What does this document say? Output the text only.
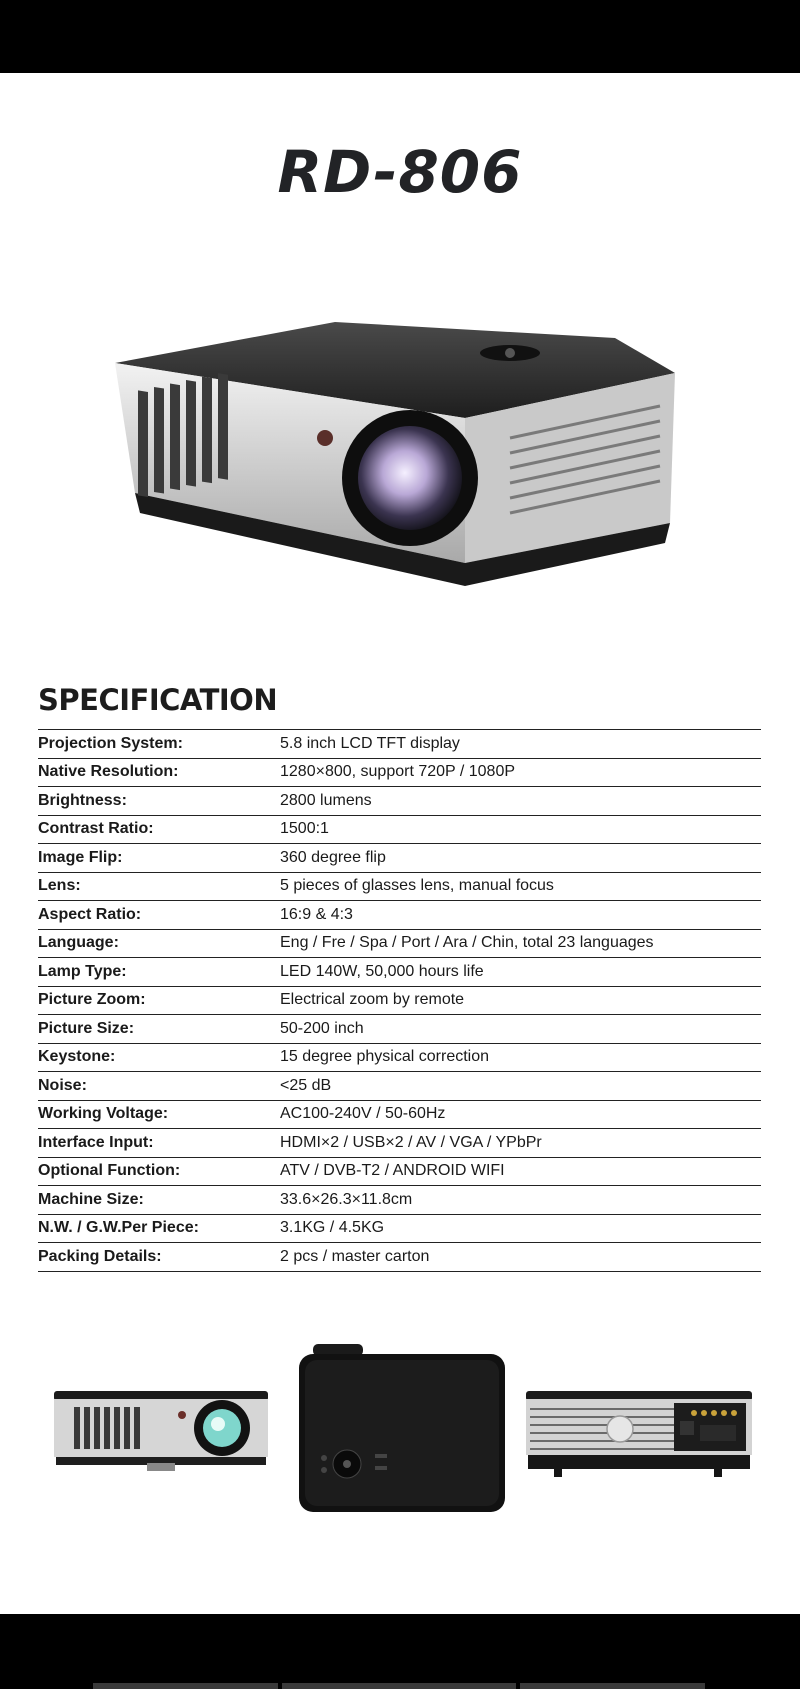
RD-806
SPECIFICATION
Projection System:	5.8 inch LCD TFT display
Native Resolution:	1280×800, support 720P / 1080P
Brightness:	2800 lumens
Contrast Ratio:	1500:1
Image Flip:	360 degree flip
Lens:	5 pieces of glasses lens, manual focus
Aspect Ratio:	16:9 & 4:3
Language:	Eng / Fre / Spa / Port / Ara / Chin, total 23 languages
Lamp Type:	LED 140W, 50,000 hours life
Picture Zoom:	Electrical zoom by remote
Picture Size:	50-200 inch
Keystone:	15 degree physical correction
Noise:	<25 dB
Working Voltage:	AC100-240V / 50-60Hz
Interface Input:	HDMI×2 / USB×2 / AV / VGA / YPbPr
Optional Function:	ATV / DVB-T2 / ANDROID WIFI
Machine Size:	33.6×26.3×11.8cm
N.W. / G.W.Per Piece:	3.1KG / 4.5KG
Packing Details:	2 pcs / master carton
